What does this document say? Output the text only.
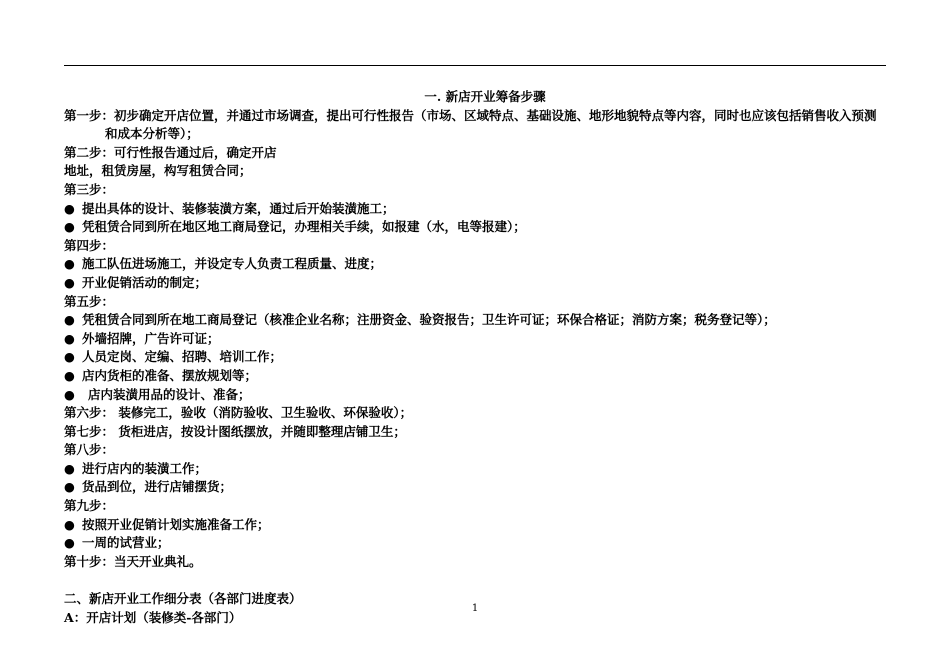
一. 新店开业筹备步骤
第一步：初步确定开店位置，并通过市场调查，提出可行性报告（市场、区域特点、基础设施、地形地貌特点等内容，同时也应该包括销售收入预测和成本分析等）；
第二步：可行性报告通过后，确定开店
地址，租赁房屋，构写租赁合同；
第三步：
● 提出具体的设计、装修装潢方案，通过后开始装潢施工；
● 凭租赁合同到所在地区地工商局登记，办理相关手续，如报建（水，电等报建）；
第四步：
● 施工队伍进场施工，并设定专人负责工程质量、进度；
● 开业促销活动的制定；
第五步：
● 凭租赁合同到所在地工商局登记（核准企业名称；注册资金、验资报告；卫生许可证；环保合格证；消防方案；税务登记等）；
● 外墙招牌，广告许可证；
● 人员定岗、定编、招聘、培训工作；
● 店内货柜的准备、摆放规划等；
● 店内装潢用品的设计、准备；
第六步： 装修完工，验收（消防验收、卫生验收、环保验收）；
第七步： 货柜进店，按设计图纸摆放，并随即整理店铺卫生；
第八步：
● 进行店内的装潢工作；
● 货品到位，进行店铺摆货；
第九步：
● 按照开业促销计划实施准备工作；
● 一周的试营业；
第十步：当天开业典礼。
二、新店开业工作细分表（各部门进度表）
A：开店计划（装修类-各部门）
1
